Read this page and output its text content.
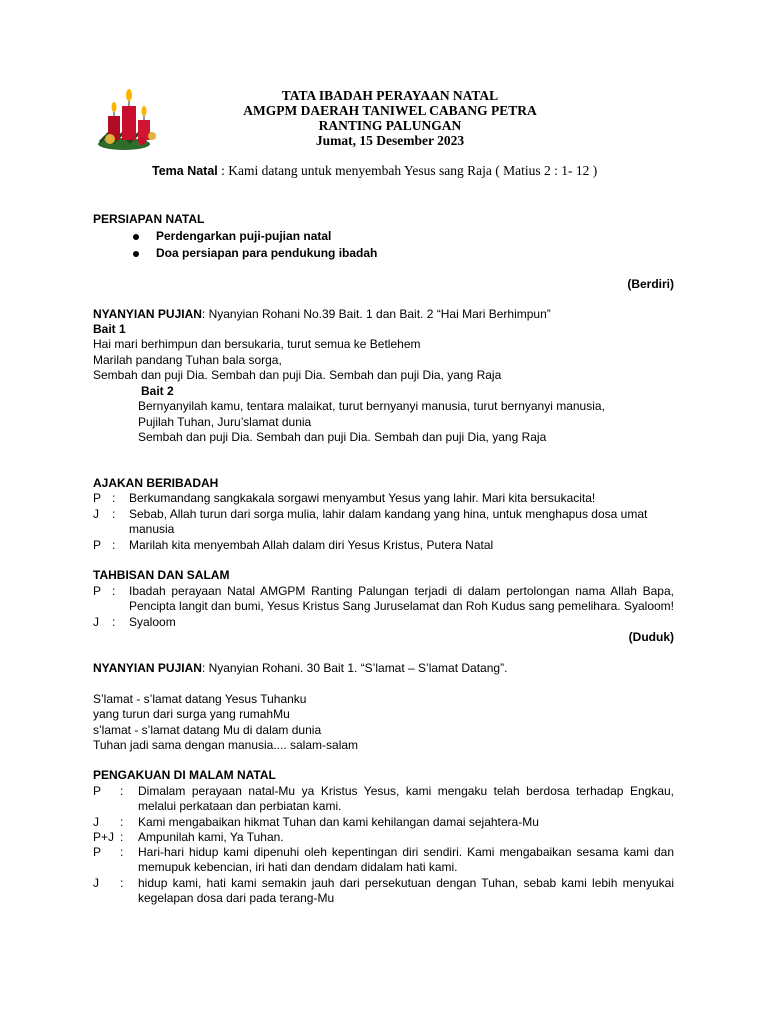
TATA IBADAH PERAYAAN NATAL
AMGPM DAERAH TANIWEL CABANG PETRA
RANTING PALUNGAN
Jumat, 15 Desember 2023
Tema Natal : Kami datang untuk menyembah Yesus sang Raja ( Matius 2 : 1- 12 )
PERSIAPAN NATAL
Perdengarkan puji-pujian natal
Doa persiapan para pendukung ibadah
(Berdiri)
NYANYIAN PUJIAN: Nyanyian Rohani No.39 Bait. 1 dan Bait. 2 “Hai Mari Berhimpun”
Bait 1
Hai mari berhimpun dan bersukaria, turut semua ke Betlehem
Marilah pandang Tuhan bala sorga,
Sembah dan puji Dia. Sembah dan puji Dia. Sembah dan puji Dia, yang Raja
Bait 2
Bernyanyilah kamu, tentara malaikat, turut bernyanyi manusia, turut bernyanyi manusia,
Pujilah Tuhan, Juru’slamat dunia
Sembah dan puji Dia. Sembah dan puji Dia. Sembah dan puji Dia, yang Raja
AJAKAN BERIBADAH
P : Berkumandang sangkakala sorgawi menyambut Yesus yang lahir. Mari kita bersukacita!
J : Sebab, Allah turun dari sorga mulia, lahir dalam kandang yang hina, untuk menghapus dosa umat manusia
P : Marilah kita menyembah Allah dalam diri Yesus Kristus, Putera Natal
TAHBISAN DAN SALAM
P : Ibadah perayaan Natal AMGPM Ranting Palungan terjadi di dalam pertolongan nama Allah Bapa, Pencipta langit dan bumi, Yesus Kristus Sang Juruselamat dan Roh Kudus sang pemelihara. Syaloom!
J : Syaloom
(Duduk)
NYANYIAN PUJIAN: Nyanyian Rohani. 30 Bait 1. “S’lamat – S’lamat Datang”.
S’lamat - s’lamat datang Yesus Tuhanku
yang turun dari surga yang rumahMu
s’lamat - s’lamat datang Mu di dalam dunia
Tuhan jadi sama dengan manusia.... salam-salam
PENGAKUAN DI MALAM NATAL
P : Dimalam perayaan natal-Mu ya Kristus Yesus, kami mengaku telah berdosa terhadap Engkau, melalui perkataan dan perbiatan kami.
J : Kami mengabaikan hikmat Tuhan dan kami kehilangan damai sejahtera-Mu
P+J : Ampunilah kami, Ya Tuhan.
P : Hari-hari hidup kami dipenuhi oleh kepentingan diri sendiri. Kami mengabaikan sesama kami dan memupuk kebencian, iri hati dan dendam didalam hati kami.
J : hidup kami, hati kami semakin jauh dari persekutuan dengan Tuhan, sebab kami lebih menyukai kegelapan dosa dari pada terang-Mu
